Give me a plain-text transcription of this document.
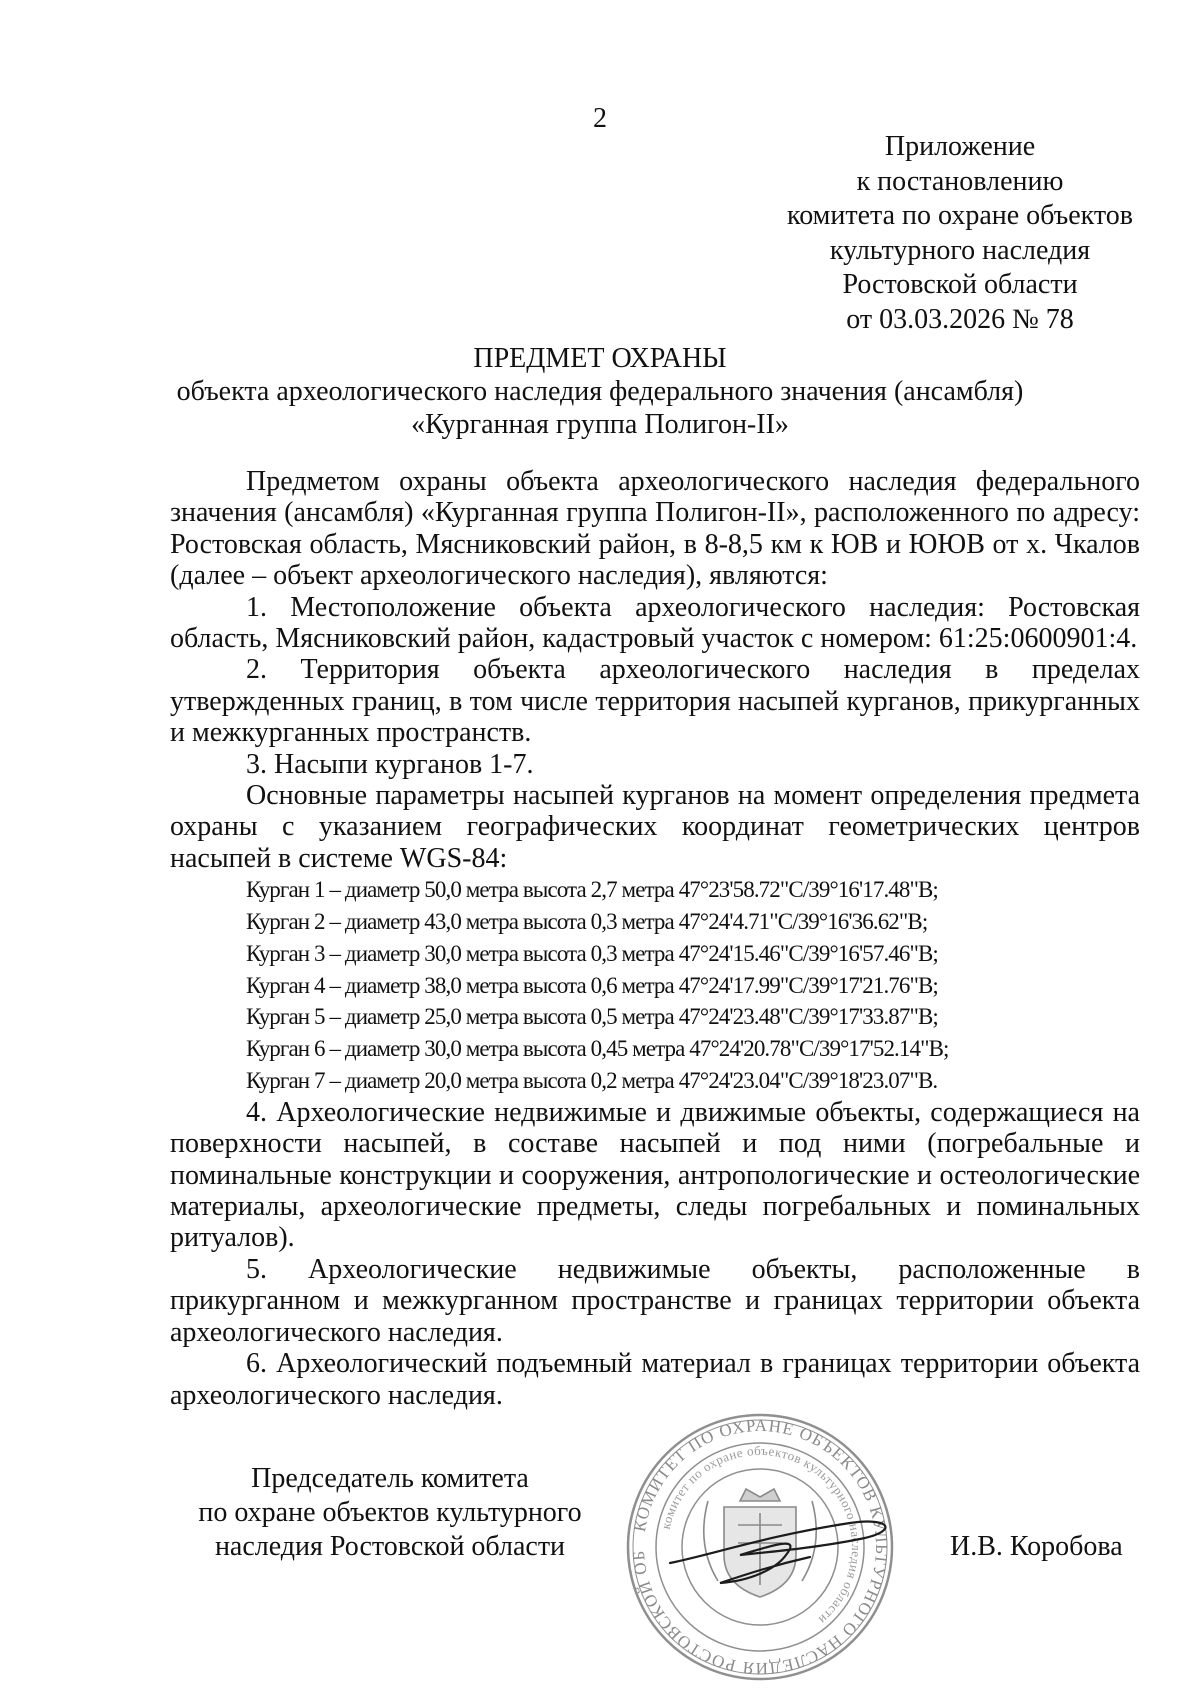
2
Приложение
к постановлению
комитета по охране объектов
культурного наследия
Ростовской области
от 03.03.2026 № 78
ПРЕДМЕТ ОХРАНЫ
объекта археологического наследия федерального значения (ансамбля)
«Курганная группа Полигон-II»

Предметом охраны объекта археологического наследия федерального значения (ансамбля) «Курганная группа Полигон-II», расположенного по адресу: Ростовская область, Мясниковский район, в 8-8,5 км к ЮВ и ЮЮВ от х. Чкалов (далее – объект археологического наследия), являются:

1. Местоположение объекта археологического наследия: Ростовская область, Мясниковский район, кадастровый участок с номером: 61:25:0600901:4.

2. Территория объекта археологического наследия в пределах утвержденных границ, в том числе территория насыпей курганов, прикурганных и межкурганных пространств.

3. Насыпи курганов 1-7.

Основные параметры насыпей курганов на момент определения предмета охраны с указанием географических координат геометрических центров насыпей в системе WGS-84:

Курган 1 – диаметр 50,0 метра высота 2,7 метра 47°23'58.72"С/39°16'17.48"В;

Курган 2 – диаметр 43,0 метра высота 0,3 метра 47°24'4.71"С/39°16'36.62"В;

Курган 3 – диаметр 30,0 метра высота 0,3 метра 47°24'15.46"С/39°16'57.46"В;

Курган 4 – диаметр 38,0 метра высота 0,6 метра 47°24'17.99"С/39°17'21.76"В;

Курган 5 – диаметр 25,0 метра высота 0,5 метра 47°24'23.48"С/39°17'33.87"В;

Курган 6 – диаметр 30,0 метра высота 0,45 метра 47°24'20.78"С/39°17'52.14"В;

Курган 7 – диаметр 20,0 метра высота 0,2 метра 47°24'23.04"С/39°18'23.07"В.

4. Археологические недвижимые и движимые объекты, содержащиеся на поверхности насыпей, в составе насыпей и под ними (погребальные и поминальные конструкции и сооружения, антропологические и остеологические материалы, археологические предметы, следы погребальных и поминальных ритуалов).

5. Археологические недвижимые объекты, расположенные в прикурганном и межкурганном пространстве и границах территории объекта археологического наследия.

6. Археологический подъемный материал в границах территории объекта археологического наследия.

Председатель комитета
по охране объектов культурного
наследия Ростовской области
КОМИТЕТ ПО ОХРАНЕ ОБЪЕКТОВ КУЛЬТУРНОГО НАСЛЕДИЯ РОСТОВСКОЙ ОБЛАСТИ
комитет по охране объектов культурного наследия области
И.В. Коробова
